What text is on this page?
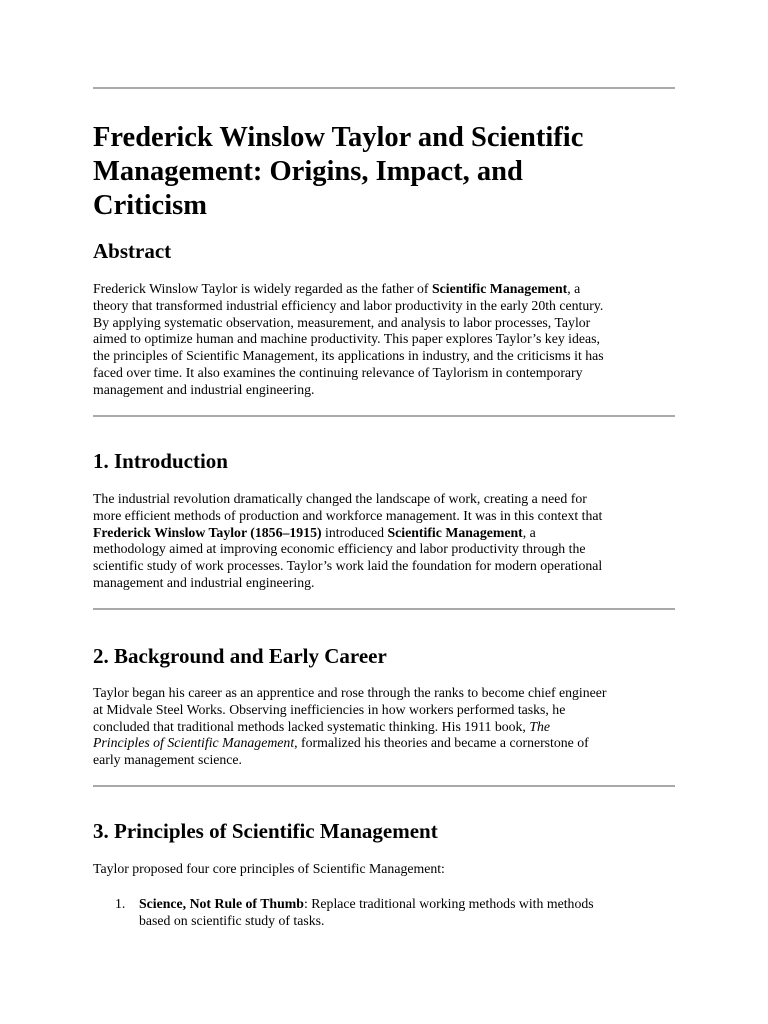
Frederick Winslow Taylor and Scientific
Management: Origins, Impact, and
Criticism
Abstract
Frederick Winslow Taylor is widely regarded as the father of Scientific Management, a
theory that transformed industrial efficiency and labor productivity in the early 20th century.
By applying systematic observation, measurement, and analysis to labor processes, Taylor
aimed to optimize human and machine productivity. This paper explores Taylor’s key ideas,
the principles of Scientific Management, its applications in industry, and the criticisms it has
faced over time. It also examines the continuing relevance of Taylorism in contemporary
management and industrial engineering.
1. Introduction
The industrial revolution dramatically changed the landscape of work, creating a need for
more efficient methods of production and workforce management. It was in this context that
Frederick Winslow Taylor (1856–1915) introduced Scientific Management, a
methodology aimed at improving economic efficiency and labor productivity through the
scientific study of work processes. Taylor’s work laid the foundation for modern operational
management and industrial engineering.
2. Background and Early Career
Taylor began his career as an apprentice and rose through the ranks to become chief engineer
at Midvale Steel Works. Observing inefficiencies in how workers performed tasks, he
concluded that traditional methods lacked systematic thinking. His 1911 book, The
Principles of Scientific Management, formalized his theories and became a cornerstone of
early management science.
3. Principles of Scientific Management
Taylor proposed four core principles of Scientific Management:
1. Science, Not Rule of Thumb: Replace traditional working methods with methods
based on scientific study of tasks.
